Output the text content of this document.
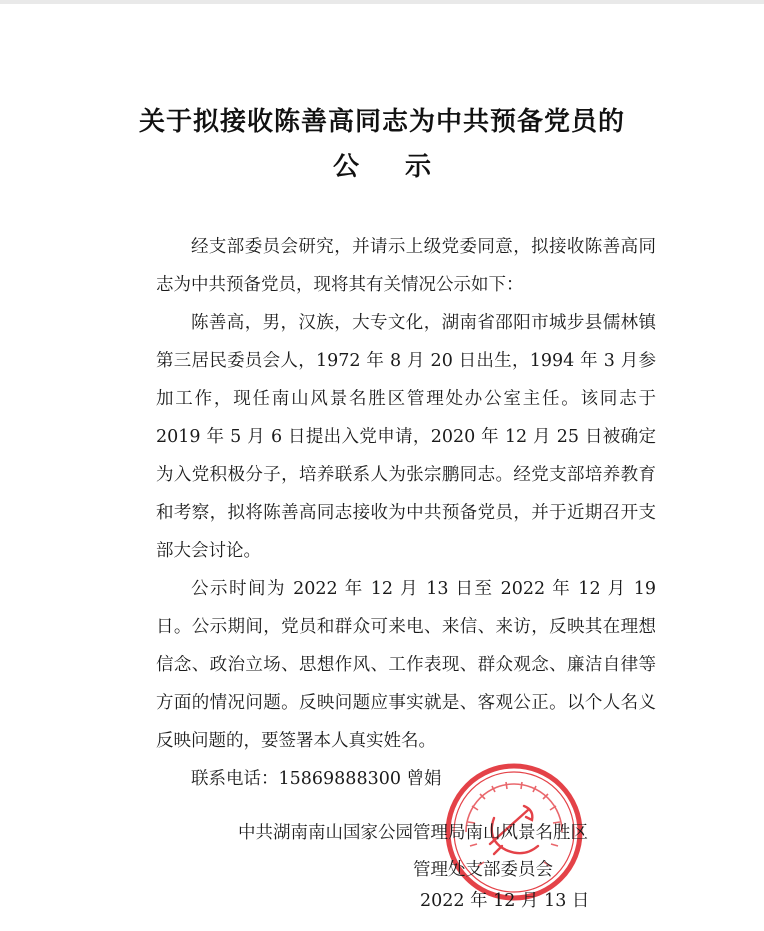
关于拟接收陈善高同志为中共预备党员的
公示

经支部委员会研究，并请示上级党委同意，拟接收陈善高同志为中共预备党员，现将其有关情况公示如下：

陈善高，男，汉族，大专文化，湖南省邵阳市城步县儒林镇第三居民委员会人，1972 年 8 月 20 日出生，1994 年 3 月参加工作，现任南山风景名胜区管理处办公室主任。该同志于 2019 年 5 月 6 日提出入党申请，2020 年 12 月 25 日被确定为入党积极分子，培养联系人为张宗鹏同志。经党支部培养教育和考察，拟将陈善高同志接收为中共预备党员，并于近期召开支部大会讨论。

公示时间为 2022 年 12 月 13 日至 2022 年 12 月 19 日。公示期间，党员和群众可来电、来信、来访，反映其在理想信念、政治立场、思想作风、工作表现、群众观念、廉洁自律等方面的情况问题。反映问题应事实就是、客观公正。以个人名义反映问题的，要签署本人真实姓名。

联系电话：15869888300 曾娟

中共湖南南山国家公园管理局南山风景名胜区
管理处支部委员会
2022 年 12 月 13 日
